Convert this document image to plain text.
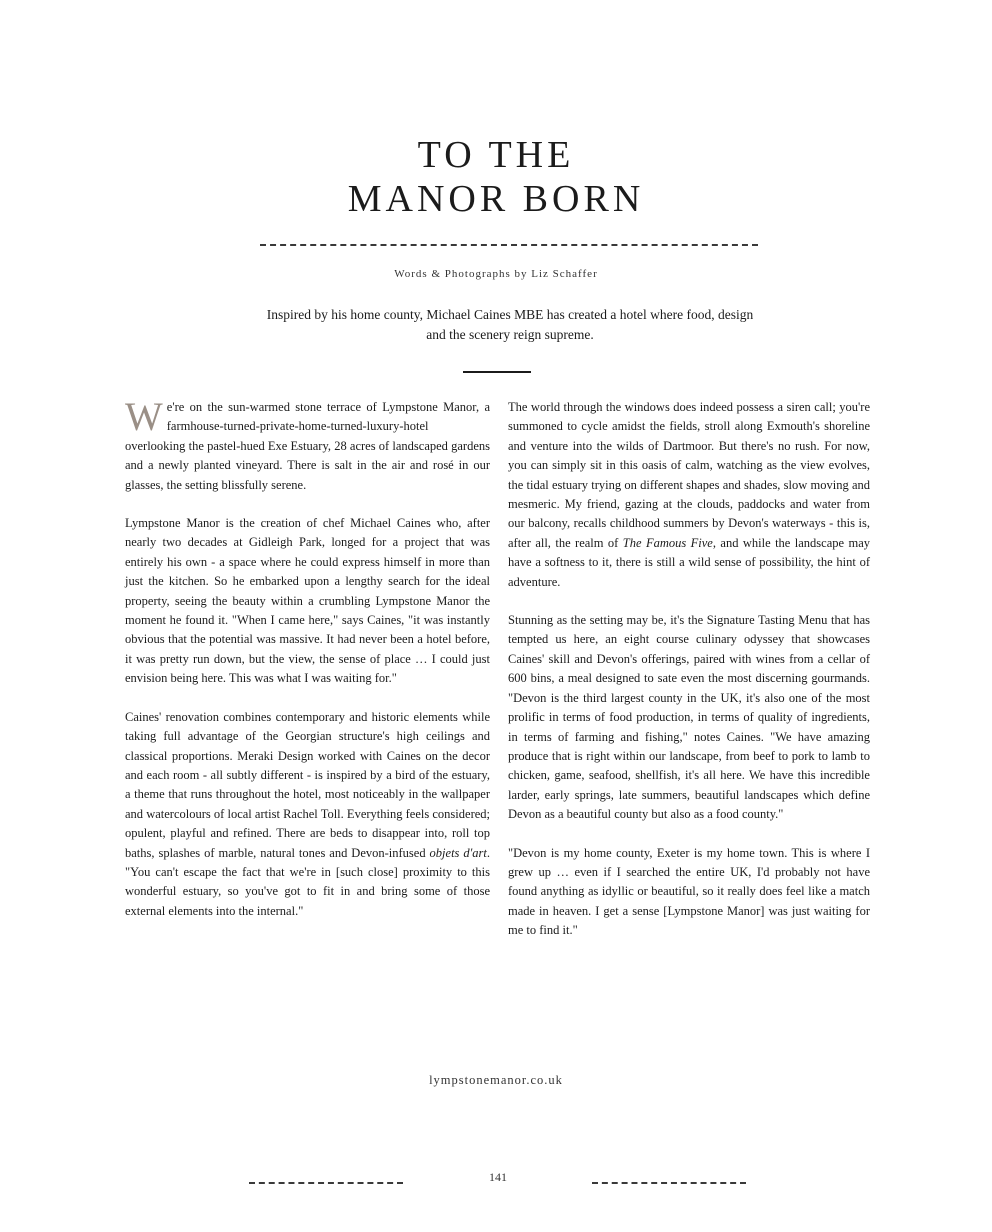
TO THE
MANOR BORN
Words & Photographs by Liz Schaffer
Inspired by his home county, Michael Caines MBE has created a hotel where food, design and the scenery reign supreme.

We're on the sun-warmed stone terrace of Lympstone Manor, a farmhouse-turned-private-home-turned-luxury-hotel overlooking the pastel-hued Exe Estuary, 28 acres of landscaped gardens and a newly planted vineyard. There is salt in the air and rosé in our glasses, the setting blissfully serene.

Lympstone Manor is the creation of chef Michael Caines who, after nearly two decades at Gidleigh Park, longed for a project that was entirely his own - a space where he could express himself in more than just the kitchen. So he embarked upon a lengthy search for the ideal property, seeing the beauty within a crumbling Lympstone Manor the moment he found it. "When I came here," says Caines, "it was instantly obvious that the potential was massive. It had never been a hotel before, it was pretty run down, but the view, the sense of place … I could just envision being here. This was what I was waiting for."

Caines' renovation combines contemporary and historic elements while taking full advantage of the Georgian structure's high ceilings and classical proportions. Meraki Design worked with Caines on the decor and each room - all subtly different - is inspired by a bird of the estuary, a theme that runs throughout the hotel, most noticeably in the wallpaper and watercolours of local artist Rachel Toll. Everything feels considered; opulent, playful and refined. There are beds to disappear into, roll top baths, splashes of marble, natural tones and Devon-infused objets d'art. "You can't escape the fact that we're in [such close] proximity to this wonderful estuary, so you've got to fit in and bring some of those external elements into the internal."

The world through the windows does indeed possess a siren call; you're summoned to cycle amidst the fields, stroll along Exmouth's shoreline and venture into the wilds of Dartmoor. But there's no rush. For now, you can simply sit in this oasis of calm, watching as the view evolves, the tidal estuary trying on different shapes and shades, slow moving and mesmeric. My friend, gazing at the clouds, paddocks and water from our balcony, recalls childhood summers by Devon's waterways - this is, after all, the realm of The Famous Five, and while the landscape may have a softness to it, there is still a wild sense of possibility, the hint of adventure.

Stunning as the setting may be, it's the Signature Tasting Menu that has tempted us here, an eight course culinary odyssey that showcases Caines' skill and Devon's offerings, paired with wines from a cellar of 600 bins, a meal designed to sate even the most discerning gourmands. "Devon is the third largest county in the UK, it's also one of the most prolific in terms of food production, in terms of quality of ingredients, in terms of farming and fishing," notes Caines. "We have amazing produce that is right within our landscape, from beef to pork to lamb to chicken, game, seafood, shellfish, it's all here. We have this incredible larder, early springs, late summers, beautiful landscapes which define Devon as a beautiful county but also as a food county."

"Devon is my home county, Exeter is my home town. This is where I grew up … even if I searched the entire UK, I'd probably not have found anything as idyllic or beautiful, so it really does feel like a match made in heaven. I get a sense [Lympstone Manor] was just waiting for me to find it."

lympstonemanor.co.uk
141
